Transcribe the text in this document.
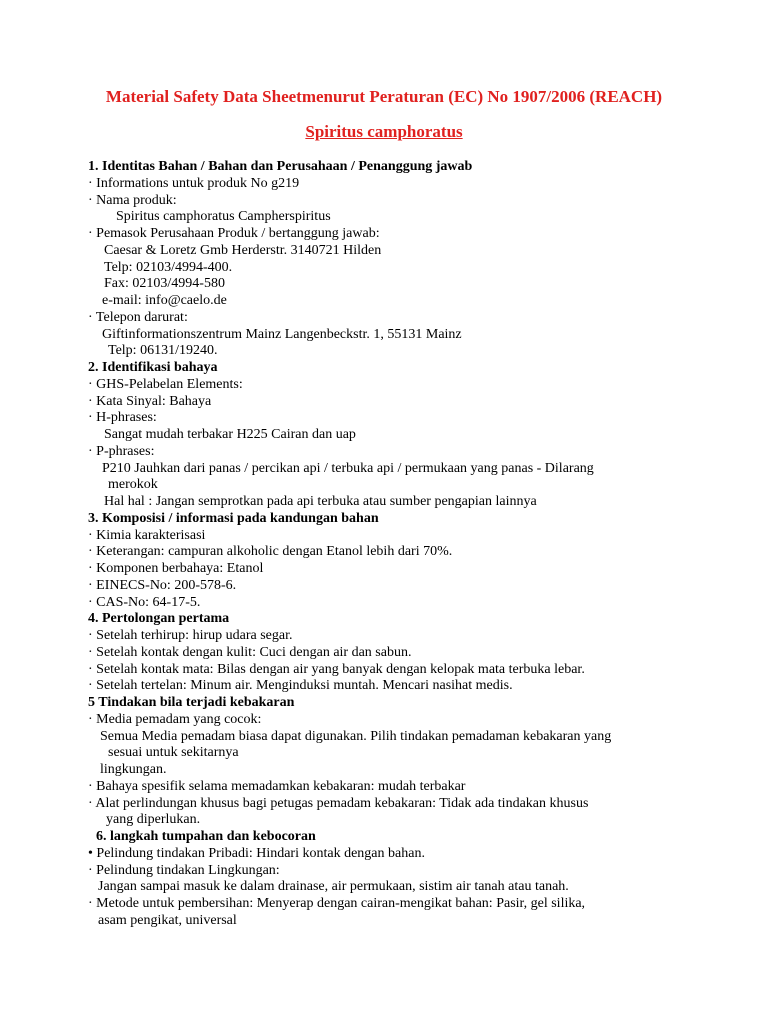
Material Safety Data Sheetmenurut Peraturan (EC) No 1907/2006 (REACH)
Spiritus camphoratus
1. Identitas Bahan / Bahan dan Perusahaan / Penanggung jawab
· Informations untuk produk No g219
· Nama produk:
Spiritus camphoratus Campherspiritus
· Pemasok Perusahaan Produk / bertanggung jawab:
Caesar & Loretz Gmb Herderstr. 3140721 Hilden
Telp: 02103/4994-400.
Fax: 02103/4994-580
e-mail: info@caelo.de
· Telepon darurat:
Giftinformationszentrum Mainz Langenbeckstr. 1, 55131 Mainz
Telp: 06131/19240.
2. Identifikasi bahaya
· GHS-Pelabelan Elements:
· Kata Sinyal: Bahaya
· H-phrases:
Sangat mudah terbakar H225 Cairan dan uap
· P-phrases:
P210 Jauhkan dari panas / percikan api / terbuka api / permukaan yang panas - Dilarang
merokok
Hal hal : Jangan semprotkan pada api terbuka atau sumber pengapian lainnya
3. Komposisi / informasi pada kandungan bahan
· Kimia karakterisasi
· Keterangan: campuran alkoholic dengan Etanol lebih dari 70%.
· Komponen berbahaya: Etanol
· EINECS-No: 200-578-6.
· CAS-No: 64-17-5.
4. Pertolongan pertama
· Setelah terhirup: hirup udara segar.
· Setelah kontak dengan kulit: Cuci dengan air dan sabun.
· Setelah kontak mata: Bilas dengan air yang banyak dengan kelopak mata terbuka lebar.
· Setelah tertelan: Minum air. Menginduksi muntah. Mencari nasihat medis.
5 Tindakan bila terjadi kebakaran
· Media pemadam yang cocok:
Semua Media pemadam biasa dapat digunakan. Pilih tindakan pemadaman kebakaran yang
sesuai untuk sekitarnya
lingkungan.
· Bahaya spesifik selama memadamkan kebakaran: mudah terbakar
· Alat perlindungan khusus bagi petugas pemadam kebakaran: Tidak ada tindakan khusus
yang diperlukan.
6. langkah tumpahan dan kebocoran
• Pelindung tindakan Pribadi: Hindari kontak dengan bahan.
· Pelindung tindakan Lingkungan:
Jangan sampai masuk ke dalam drainase, air permukaan, sistim air tanah atau tanah.
· Metode untuk pembersihan: Menyerap dengan cairan-mengikat bahan: Pasir, gel silika,
asam pengikat, universal
